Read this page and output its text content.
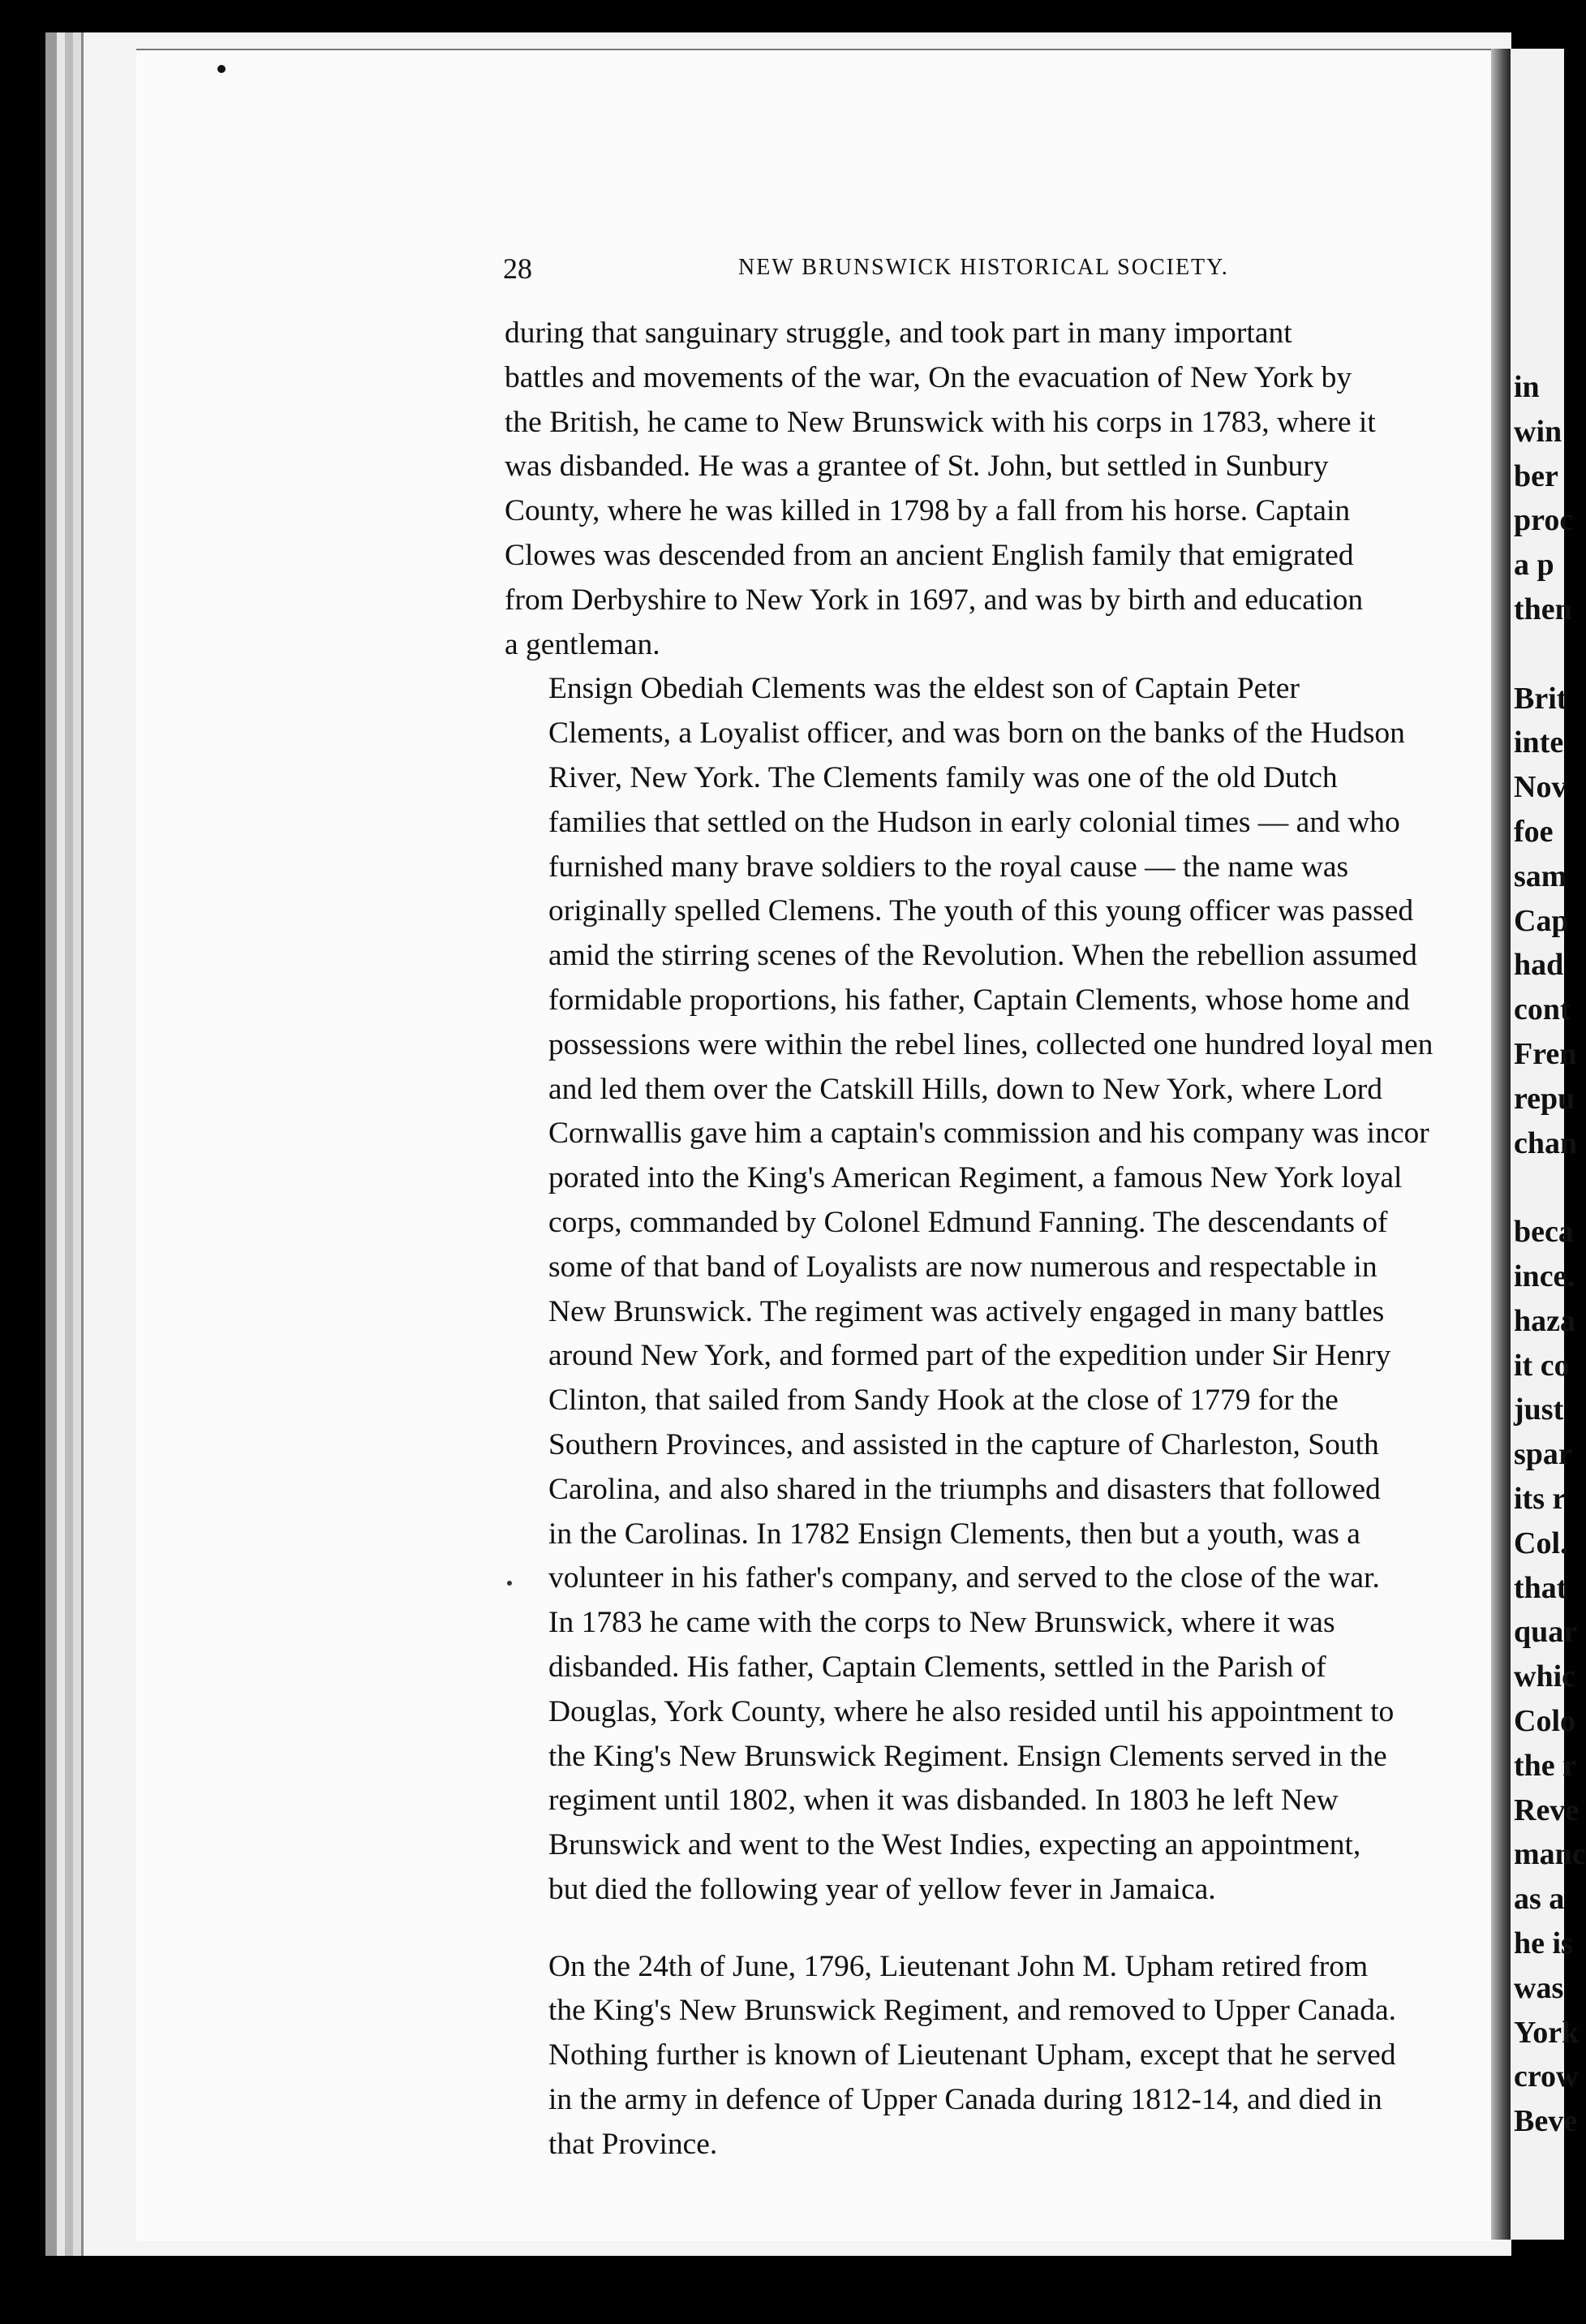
28	NEW BRUNSWICK HISTORICAL SOCIETY.
during that sanguinary struggle, and took part in many important
battles and movements of the war, On the evacuation of New York by
the British, he came to New Brunswick with his corps in 1783, where it
was disbanded. He was a grantee of St. John, but settled in Sunbury
County, where he was killed in 1798 by a fall from his horse. Captain
Clowes was descended from an ancient English family that emigrated
from Derbyshire to New York in 1697, and was by birth and education
a gentleman.
Ensign Obediah Clements was the eldest son of Captain Peter
Clements, a Loyalist officer, and was born on the banks of the Hudson
River, New York. The Clements family was one of the old Dutch
families that settled on the Hudson in early colonial times — and who
furnished many brave soldiers to the royal cause — the name was
originally spelled Clemens. The youth of this young officer was passed
amid the stirring scenes of the Revolution. When the rebellion assumed
formidable proportions, his father, Captain Clements, whose home and
possessions were within the rebel lines, collected one hundred loyal men
and led them over the Catskill Hills, down to New York, where Lord
Cornwallis gave him a captain's commission and his company was incor
porated into the King's American Regiment, a famous New York loyal
corps, commanded by Colonel Edmund Fanning. The descendants of
some of that band of Loyalists are now numerous and respectable in
New Brunswick. The regiment was actively engaged in many battles
around New York, and formed part of the expedition under Sir Henry
Clinton, that sailed from Sandy Hook at the close of 1779 for the
Southern Provinces, and assisted in the capture of Charleston, South
Carolina, and also shared in the triumphs and disasters that followed
in the Carolinas. In 1782 Ensign Clements, then but a youth, was a
volunteer in his father's company, and served to the close of the war.
In 1783 he came with the corps to New Brunswick, where it was
disbanded. His father, Captain Clements, settled in the Parish of
Douglas, York County, where he also resided until his appointment to
the King's New Brunswick Regiment. Ensign Clements served in the
regiment until 1802, when it was disbanded. In 1803 he left New
Brunswick and went to the West Indies, expecting an appointment,
but died the following year of yellow fever in Jamaica.
On the 24th of June, 1796, Lieutenant John M. Upham retired from
the King's New Brunswick Regiment, and removed to Upper Canada.
Nothing further is known of Lieutenant Upham, except that he served
in the army in defence of Upper Canada during 1812-14, and died in
that Province.
in
win
ber
proc
a p
then
Brit
inte
Nov
foe
sam
Cap
had
cont
Fren
repu
chan
beca
ince.
haza
it co
just
spar
its r
Col.
that
quar
whic
Colo
the r
Reve
manc
as a
he is
was
York
crow
Beve
